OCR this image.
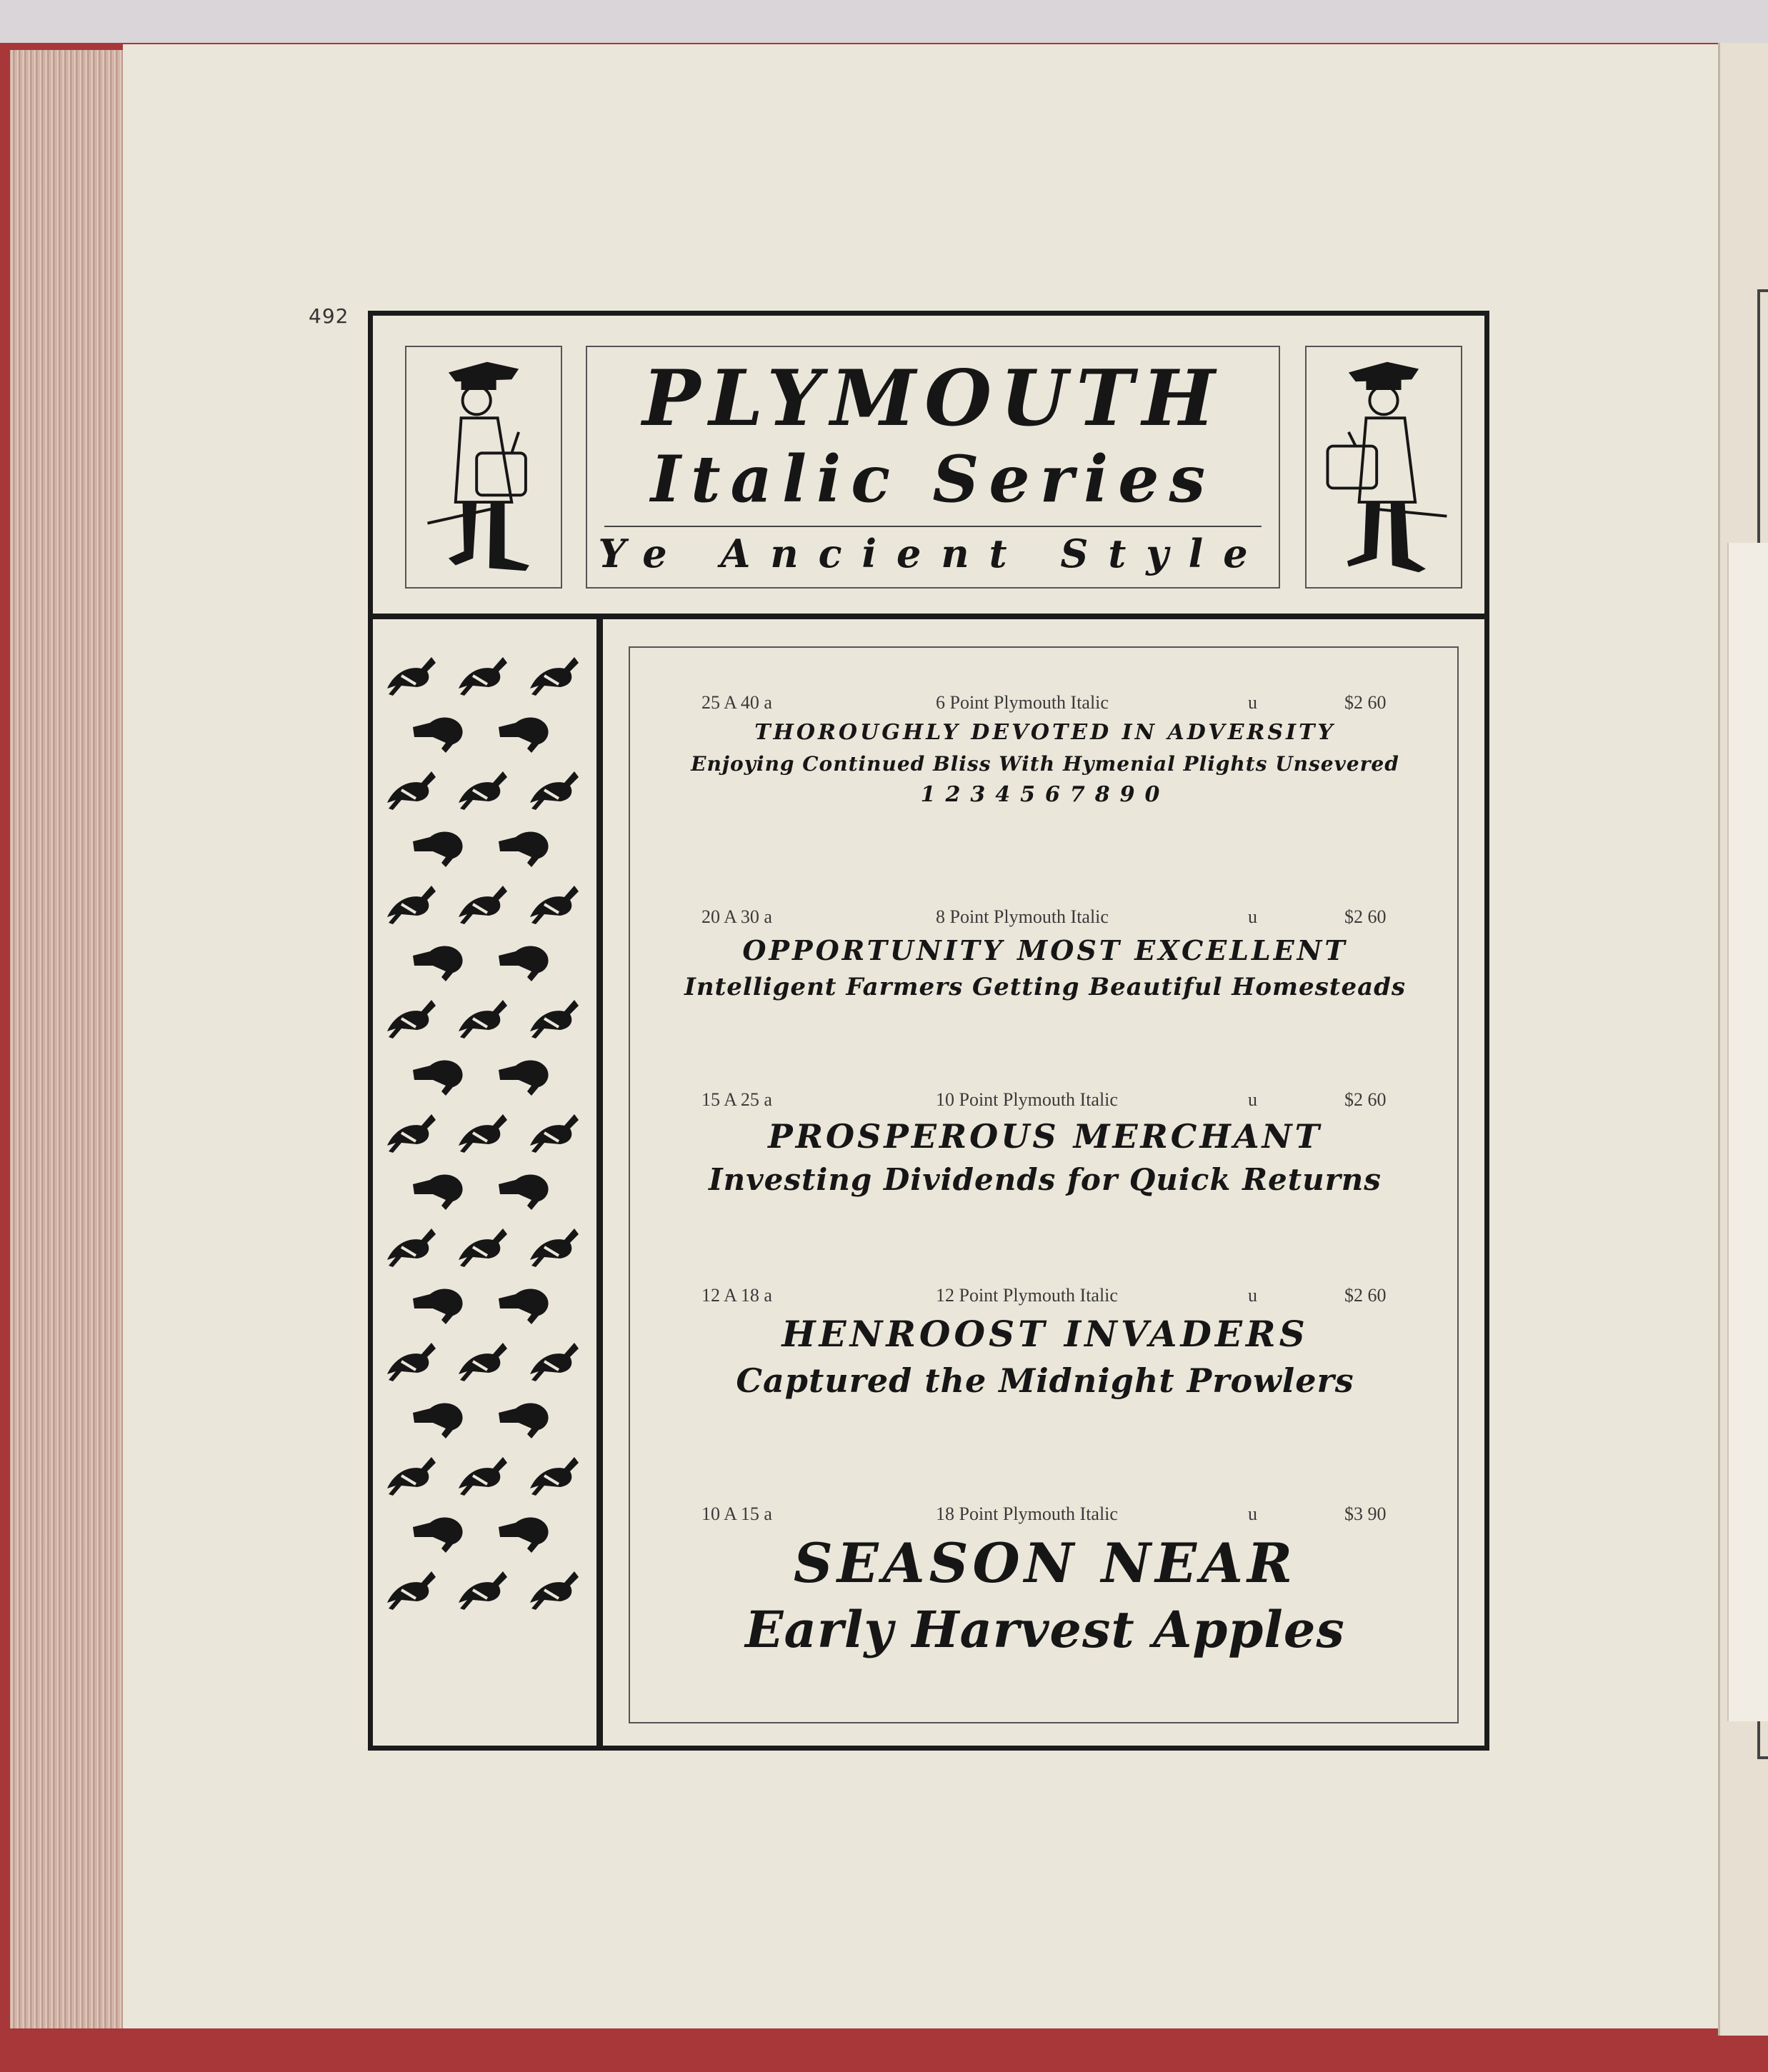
492
PLYMOUTH
Italic Series
Ye Ancient Style
25 A 40 a	6 Point Plymouth Italic	u	$2 60
THOROUGHLY DEVOTED IN ADVERSITY
Enjoying Continued Bliss With Hymenial Plights Unsevered
1234567890
20 A 30 a	8 Point Plymouth Italic	u	$2 60
OPPORTUNITY MOST EXCELLENT
Intelligent Farmers Getting Beautiful Homesteads
15 A 25 a	10 Point Plymouth Italic	u	$2 60
PROSPEROUS MERCHANT
Investing Dividends for Quick Returns
12 A 18 a	12 Point Plymouth Italic	u	$2 60
HENROOST INVADERS
Captured the Midnight Prowlers
10 A 15 a	18 Point Plymouth Italic	u	$3 90
SEASON NEAR
Early Harvest Apples
